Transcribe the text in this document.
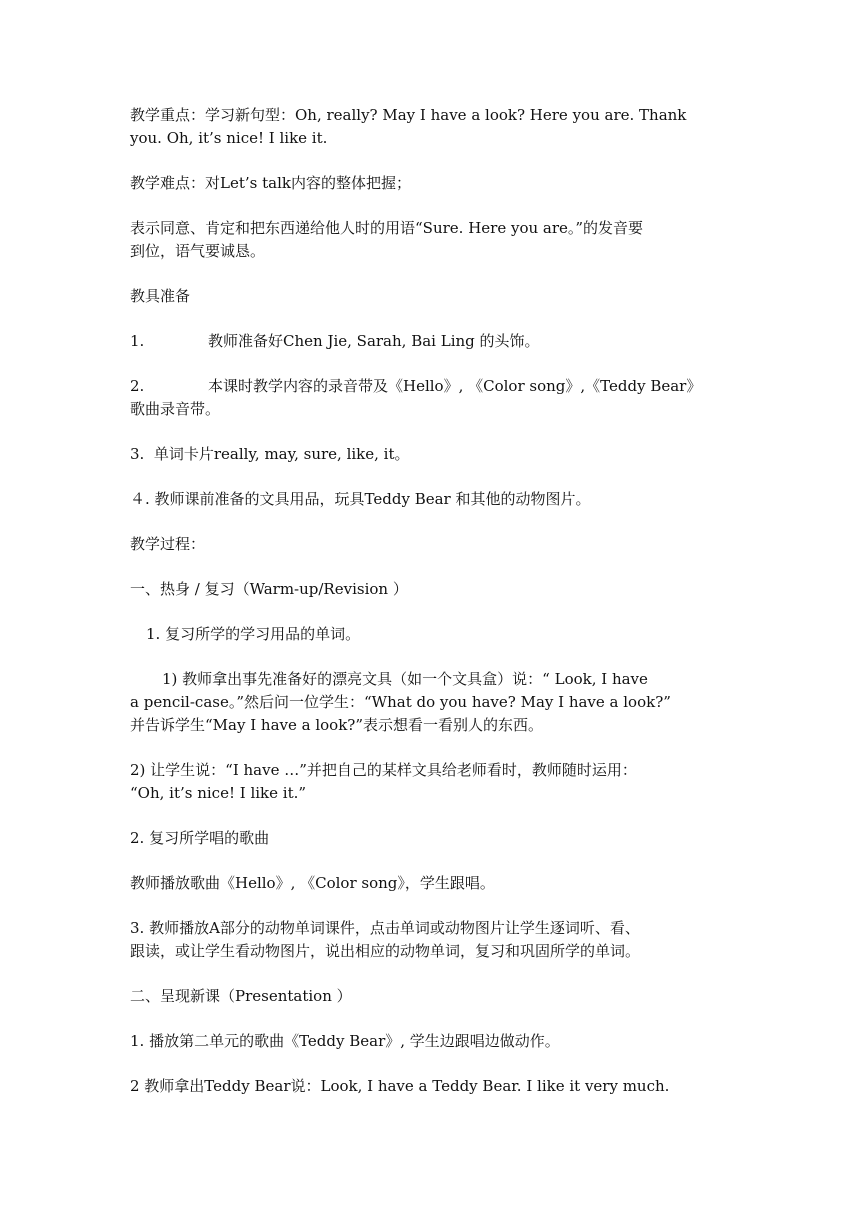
教学重点：学习新句型：Oh, really? May I have a look? Here you are. Thank

you. Oh, it’s nice! I like it.

教学难点：对Let’s talk内容的整体把握；

表示同意、肯定和把东西递给他人时的用语“Sure. Here you are。”的发音要

到位，语气要诚恳。

教具准备

1.	教师准备好Chen Jie, Sarah, Bai Ling 的头饰。

2.	本课时教学内容的录音带及《Hello》, 《Color song》,《Teddy Bear》

歌曲录音带。

3.  单词卡片really, may, sure, like, it。

４. 教师课前准备的文具用品，玩具Teddy Bear 和其他的动物图片。

教学过程：

一、热身 / 复习（Warm-up/Revision ）

1. 复习所学的学习用品的单词。

1) 教师拿出事先准备好的漂亮文具（如一个文具盒）说：“ Look, I have

a pencil-case。”然后问一位学生：“What do you have? May I have a look?”

并告诉学生“May I have a look?”表示想看一看别人的东西。

2) 让学生说：“I have …”并把自己的某样文具给老师看时，教师随时运用：

“Oh, it’s nice! I like it.”

2. 复习所学唱的歌曲

教师播放歌曲《Hello》, 《Color song》，学生跟唱。

3. 教师播放A部分的动物单词课件，点击单词或动物图片让学生逐词听、看、

跟读，或让学生看动物图片，说出相应的动物单词，复习和巩固所学的单词。

二、呈现新课（Presentation ）

1. 播放第二单元的歌曲《Teddy Bear》, 学生边跟唱边做动作。

2 教师拿出Teddy Bear说：Look, I have a Teddy Bear. I like it very much.
